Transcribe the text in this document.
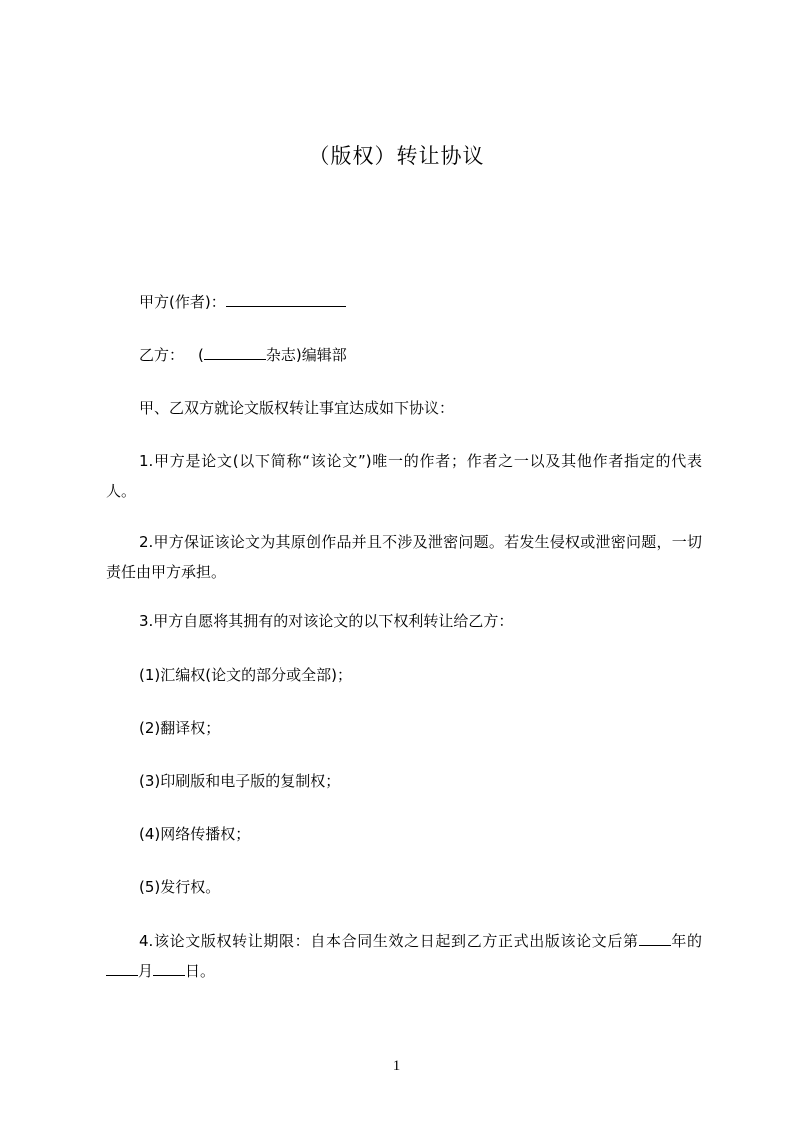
（版权）转让协议
甲方(作者)：
乙方： (	杂志)编辑部
甲、乙双方就论文版权转让事宜达成如下协议：
1.甲方是论文(以下简称“该论文”)唯一的作者；作者之一以及其他作者指定的代表人。
2.甲方保证该论文为其原创作品并且不涉及泄密问题。若发生侵权或泄密问题，一切责任由甲方承担。
3.甲方自愿将其拥有的对该论文的以下权利转让给乙方：
(1)汇编权(论文的部分或全部)；
(2)翻译权；
(3)印刷版和电子版的复制权；
(4)网络传播权；
(5)发行权。
4.该论文版权转让期限：自本合同生效之日起到乙方正式出版该论文后第 年的月 日。
1
